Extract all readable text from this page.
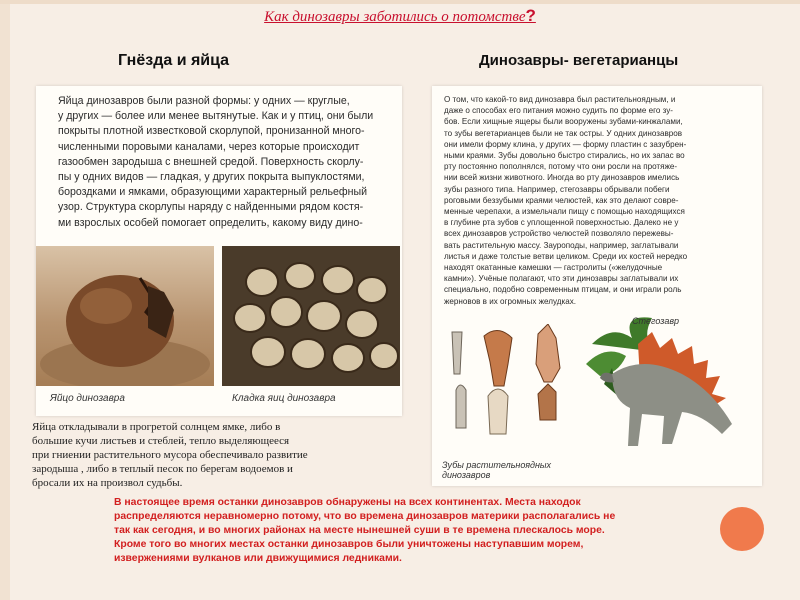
Как динозавры заботились о потомстве?
Гнёзда и яйца	Динозавры- вегетарианцы
Яйца динозавров были разной формы: у одних — круглые,
у других — более или менее вытянутые. Как и у птиц, они были
покрыты плотной известковой скорлупой, пронизанной много-
численными поровыми каналами, через которые происходит
газообмен зародыша с внешней средой. Поверхность скорлу-
пы у одних видов — гладкая, у других покрыта выпуклостями,
бороздками и ямками, образующими характерный рельефный
узор. Структура скорлупы наряду с найденными рядом костя-
ми взрослых особей помогает определить, какому виду дино-
Яйцо динозавра	Кладка яиц динозавра
Яйца откладывали в прогретой солнцем ямке, либо в
большие кучи листьев и стеблей, тепло выделяющееся
при гниении растительного мусора обеспечивало развитие
зародыша , либо в теплый песок по берегам водоемов и
бросали их на произвол судьбы.
О том, что какой-то вид динозавра был растительноядным, и
даже о способах его питания можно судить по форме его зу-
бов. Если хищные ящеры были вооружены зубами-кинжалами,
то зубы вегетарианцев были не так остры. У одних динозавров
они имели форму клина, у других — форму пластин с зазубрен-
ными краями. Зубы довольно быстро стирались, но их запас во
рту постоянно пополнялся, потому что они росли на протяже-
нии всей жизни животного. Иногда во рту динозавров имелись
зубы разного типа. Например, стегозавры обрывали побеги
роговыми беззубыми краями челюстей, как это делают совре-
менные черепахи, а измельчали пищу с помощью находящихся
в глубине рта зубов с уплощенной поверхностью. Далеко не у
всех динозавров устройство челюстей позволяло пережевы-
вать растительную массу. Зауроподы, например, заглатывали
листья и даже толстые ветви целиком. Среди их костей нередко
находят окатанные камешки — гастролиты («желудочные
камни»). Учёные полагают, что эти динозавры заглатывали их
специально, подобно современным птицам, и они играли роль
жерновов в их огромных желудках.
Стегозавр
Зубы растительноядных
динозавров
В настоящее время останки динозавров обнаружены на всех континентах. Места находок
распределяются неравномерно потому, что во времена динозавров материки располагались не
так как сегодня, и во многих районах на месте нынешней суши в те времена плескалось море.
Кроме того во многих местах останки динозавров были уничтожены наступавшим морем,
извержениями вулканов или движущимися ледниками.
